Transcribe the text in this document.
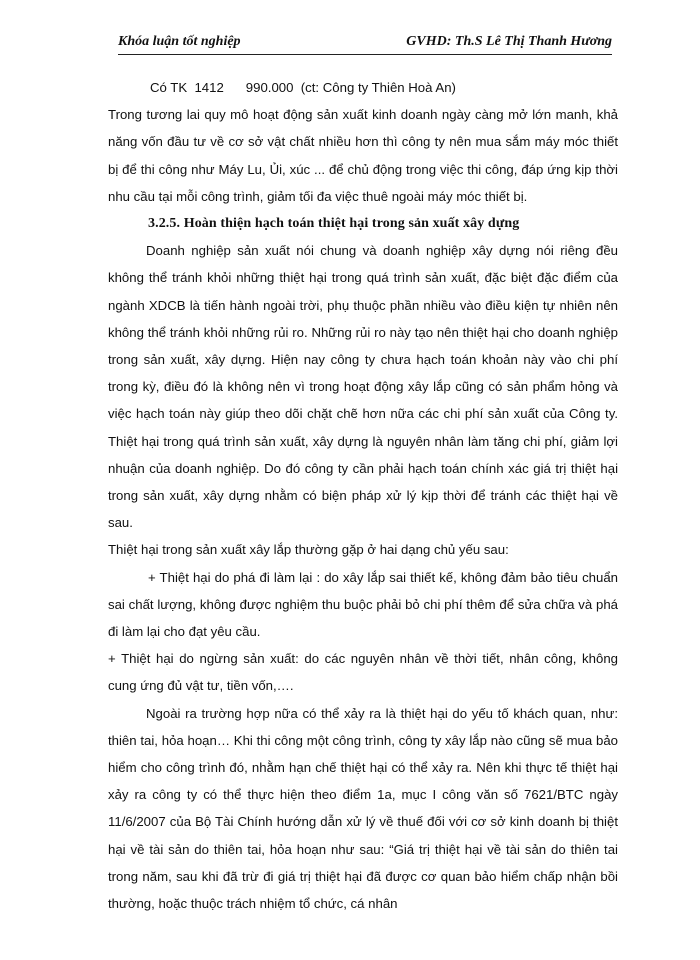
Khóa luận tốt nghiệp	GVHD: Th.S Lê Thị Thanh Hương

Có TK  1412      990.000  (ct: Công ty Thiên Hoà An)

Trong tương lai quy mô hoạt động sản xuất kinh doanh ngày càng mở lớn manh, khả năng vốn đầu tư về cơ sở vật chất nhiều hơn thì công ty nên mua sắm máy móc thiết bị để thi công như Máy Lu, Ủi, xúc ... để chủ động trong việc thi công, đáp ứng kịp thời nhu cầu tại mỗi công trình, giảm tối đa việc thuê ngoài máy móc thiết bị.

3.2.5. Hoàn thiện hạch toán thiệt hại trong sản xuất xây dựng

Doanh nghiệp sản xuất nói chung và doanh nghiệp xây dựng nói riêng đều không thể tránh khỏi những thiệt hại trong quá trình sản xuất, đặc biệt đặc điểm của ngành XDCB là tiến hành ngoài trời, phụ thuộc phần nhiều vào điều kiện tự nhiên nên không thể tránh khỏi những rủi ro. Những rủi ro này tạo nên thiệt hại cho doanh nghiệp trong sản xuất, xây dựng. Hiện nay công ty chưa hạch toán khoản này vào chi phí trong kỳ, điều đó là không nên vì trong hoạt động xây lắp cũng có sản phẩm hỏng và việc hạch toán này giúp theo dõi chặt chẽ hơn nữa các chi phí sản xuất của Công ty. Thiệt hại trong quá trình sản xuất, xây dựng là nguyên nhân làm tăng chi phí, giảm lợi nhuận của doanh nghiệp. Do đó công ty cần phải hạch toán chính xác giá trị thiệt hại trong sản xuất, xây dựng nhằm có biện pháp xử lý kịp thời để tránh các thiệt hại về sau.

Thiệt hại trong sản xuất xây lắp thường gặp ở hai dạng chủ yếu sau:

+ Thiệt hại do phá đi làm lại : do xây lắp sai thiết kế, không đảm bảo tiêu chuẩn sai chất lượng, không được nghiệm thu buộc phải bỏ chi phí thêm để sửa chữa và phá đi làm lại cho đạt yêu cầu.

+ Thiệt hại do ngừng sản xuất: do các nguyên nhân về thời tiết, nhân công, không cung ứng đủ vật tư, tiền vốn,….

Ngoài ra trường hợp nữa có thể xảy ra là thiệt hại do yếu tố khách quan, như: thiên tai, hỏa hoạn… Khi thi công một công trình, công ty xây lắp nào cũng sẽ mua bảo hiểm cho công trình đó, nhằm hạn chế thiệt hại có thể xảy ra. Nên khi thực tế thiệt hại xảy ra công ty có thể thực hiện theo điểm 1a, mục I công văn số 7621/BTC ngày 11/6/2007 của Bộ Tài Chính hướng dẫn xử lý về thuế đối với cơ sở kinh doanh bị thiệt hại về tài sản do thiên tai, hỏa hoạn như sau: “Giá trị thiệt hại về tài sản do thiên tai trong năm, sau khi đã trừ đi giá trị thiệt hại đã được cơ quan bảo hiểm chấp nhận bồi thường, hoặc thuộc trách nhiệm tổ chức, cá nhân
